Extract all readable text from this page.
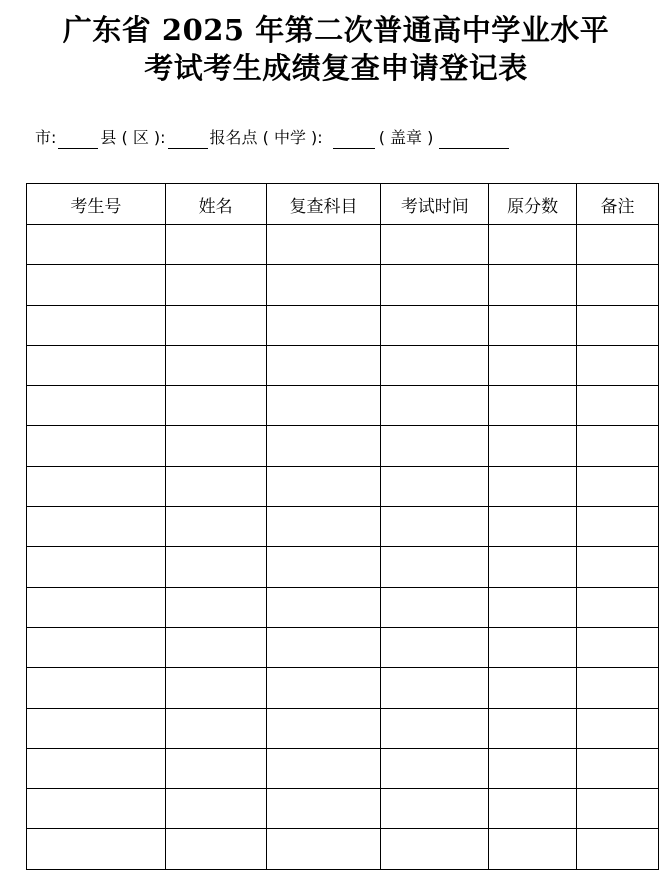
广东省 2025 年第二次普通高中学业水平
考试考生成绩复查申请登记表
市:	县 ( 区 ):	报名点 ( 中学 ):	( 盖章 )
考生号	姓名	复查科目	考试时间	原分数	备注
